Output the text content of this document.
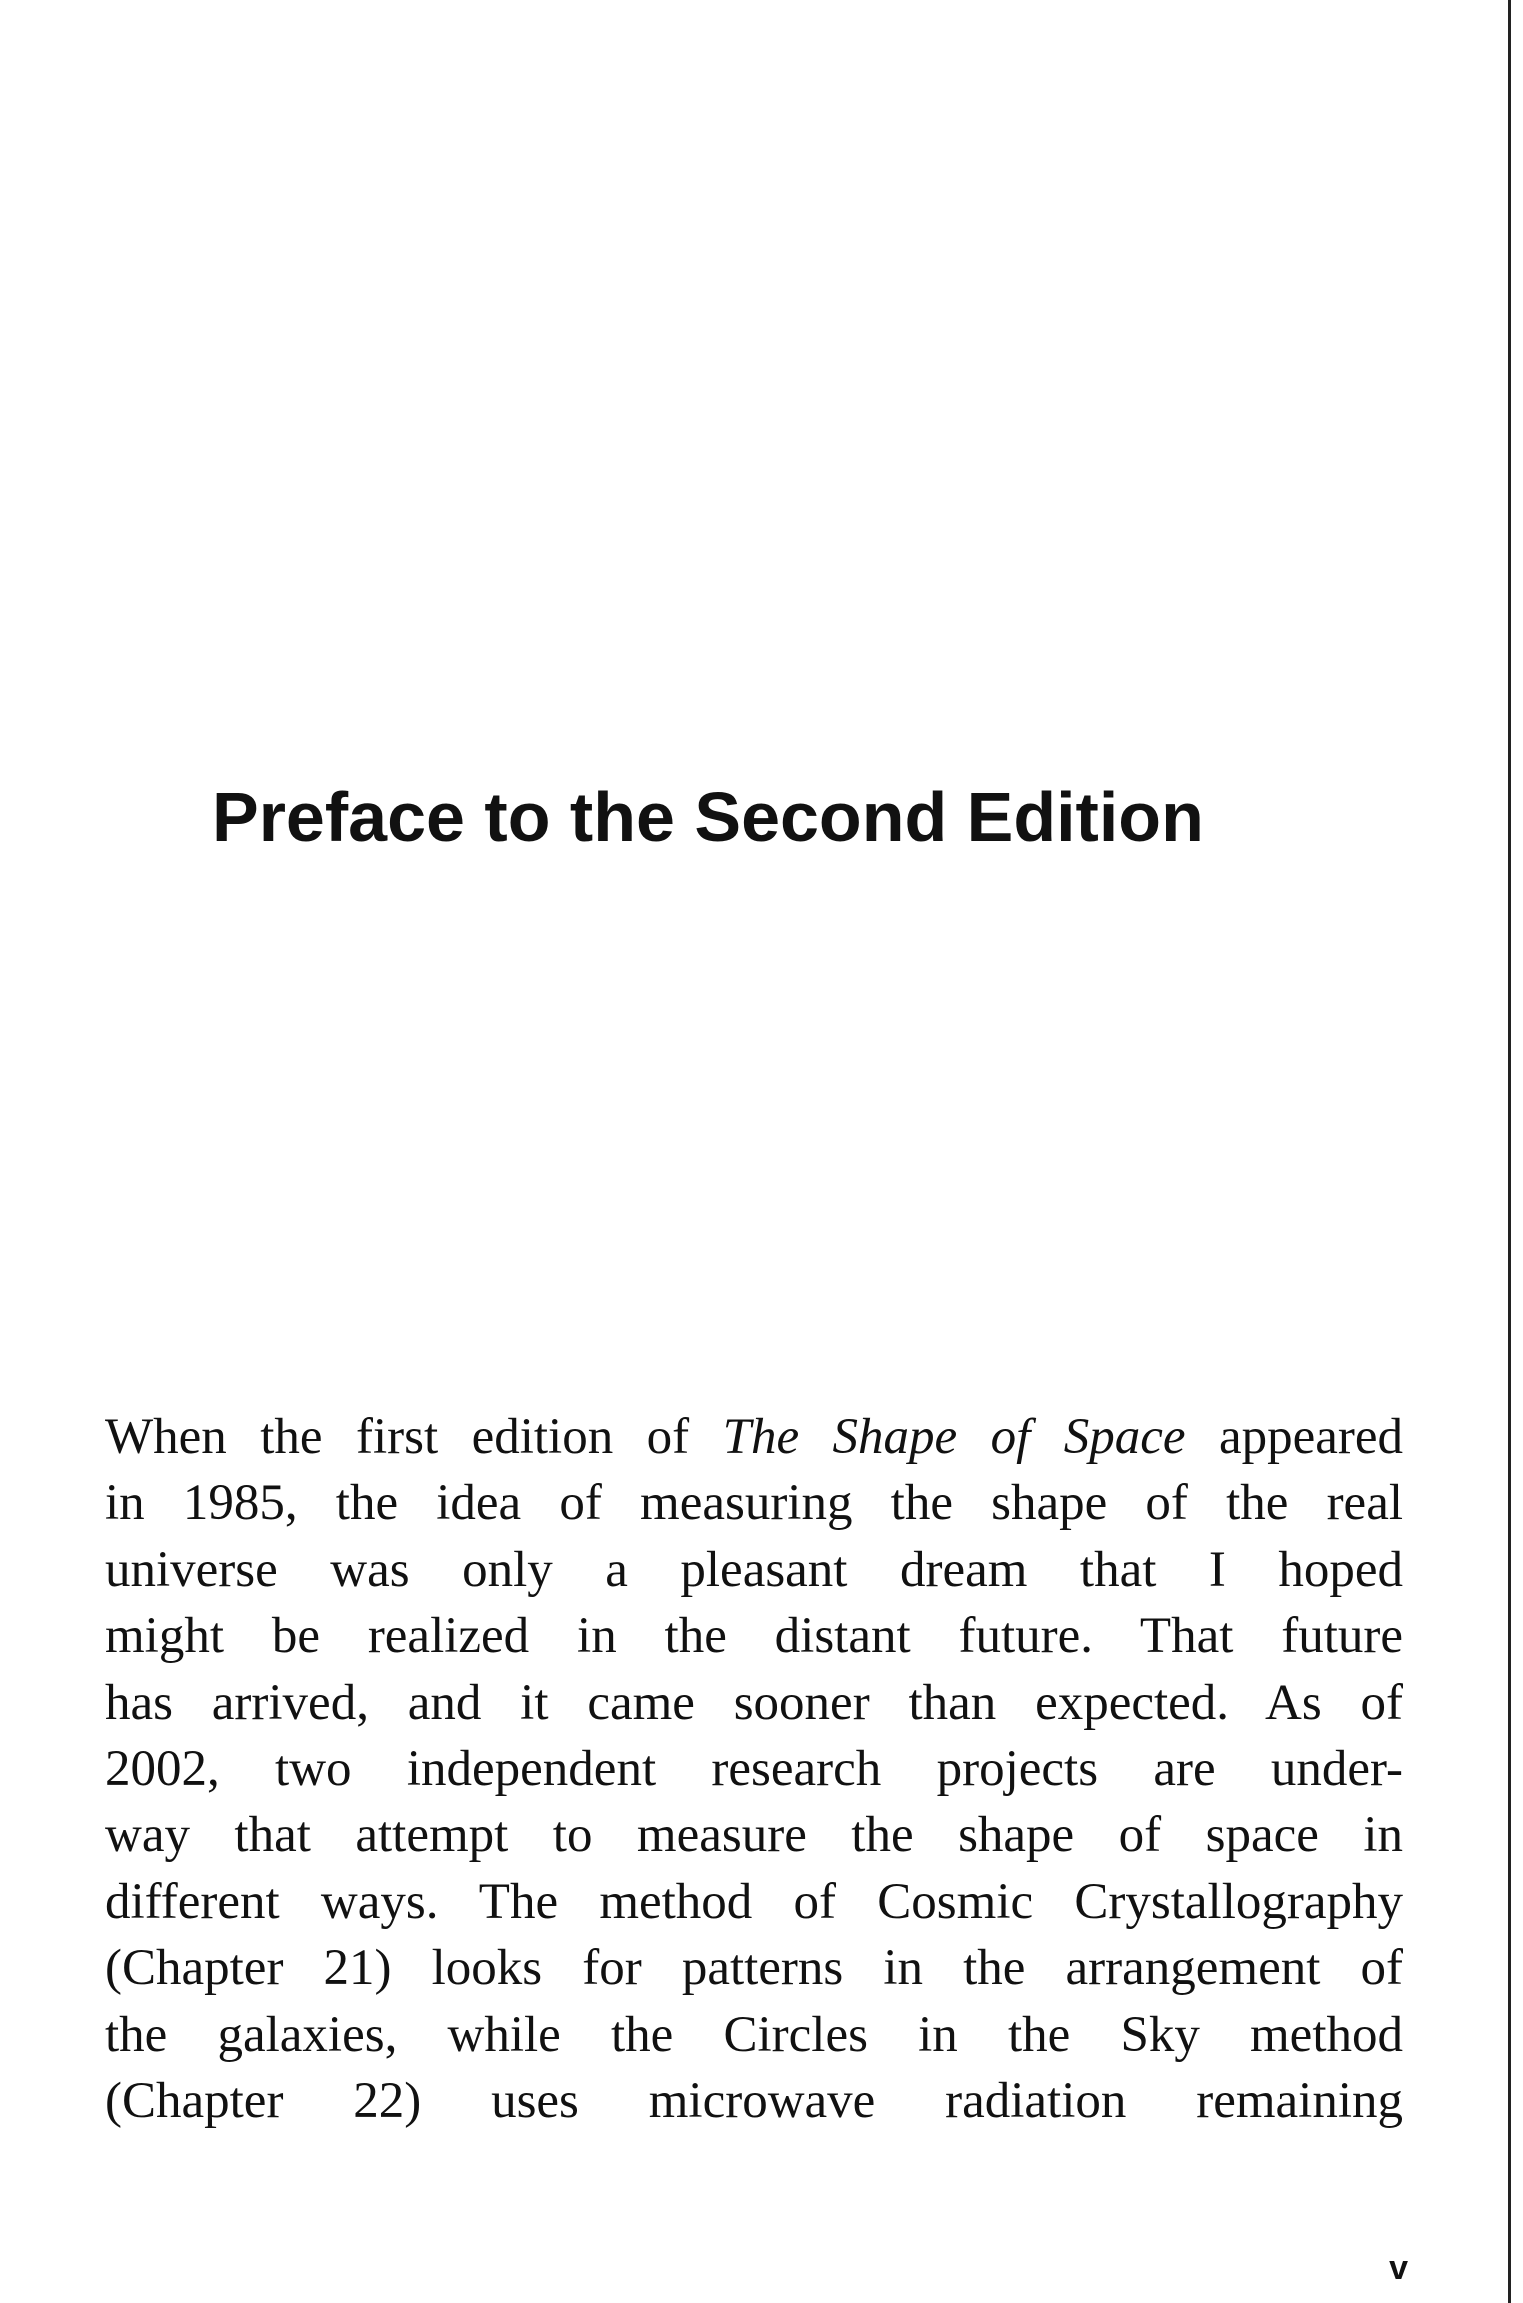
Preface to the Second Edition
When the first edition of The Shape of Space appeared
in 1985, the idea of measuring the shape of the real
universe was only a pleasant dream that I hoped
might be realized in the distant future. That future
has arrived, and it came sooner than expected. As of
2002, two independent research projects are under-
way that attempt to measure the shape of space in
different ways. The method of Cosmic Crystallography
(Chapter 21) looks for patterns in the arrangement of
the galaxies, while the Circles in the Sky method
(Chapter 22) uses microwave radiation remaining
v
